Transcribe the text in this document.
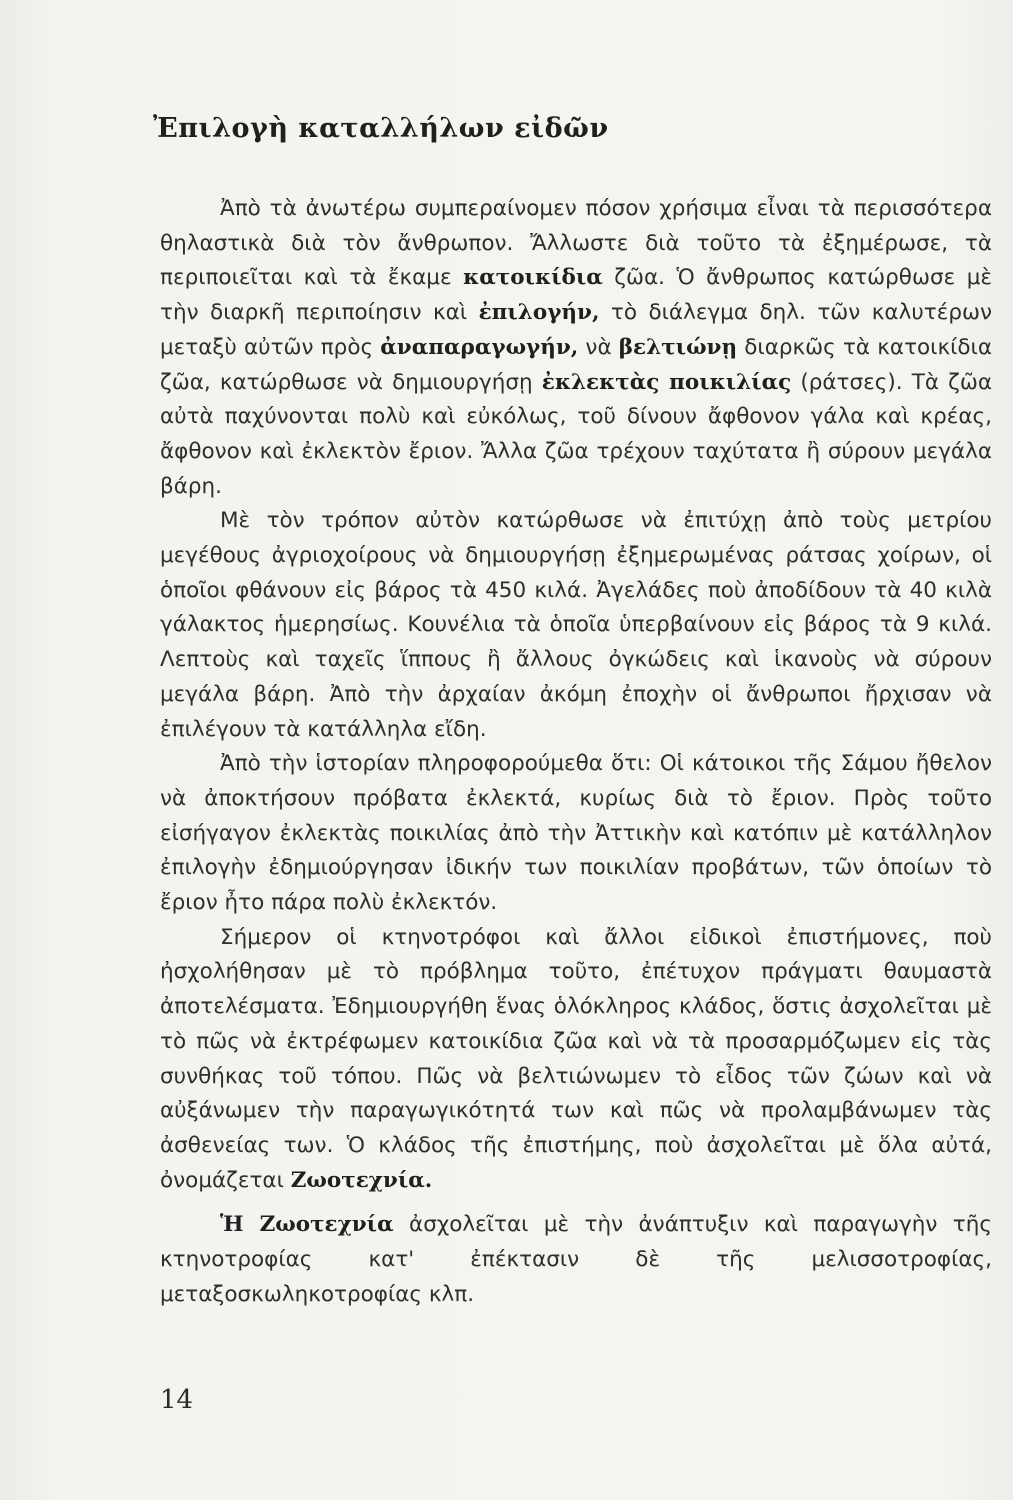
Ἐπιλογὴ καταλλήλων εἰδῶν

Ἀπὸ τὰ ἀνωτέρω συμπεραίνομεν πόσον χρήσιμα εἶναι τὰ περισσότερα θηλαστικὰ διὰ τὸν ἄνθρωπον. Ἄλλωστε διὰ τοῦτο τὰ ἐξημέρωσε, τὰ περιποιεῖται καὶ τὰ ἔκαμε κατοικίδια ζῶα. Ὁ ἄνθρωπος κατώρθωσε μὲ τὴν διαρκῆ περιποίησιν καὶ ἐπιλογήν, τὸ διάλεγμα δηλ. τῶν καλυτέρων μεταξὺ αὐτῶν πρὸς ἀναπαραγωγήν, νὰ βελτιώνῃ διαρκῶς τὰ κατοικίδια ζῶα, κατώρθωσε νὰ δημιουργήσῃ ἐκλεκτὰς ποικιλίας (ράτσες). Τὰ ζῶα αὐτὰ παχύνονται πολὺ καὶ εὐκόλως, τοῦ δίνουν ἄφθονον γάλα καὶ κρέας, ἄφθονον καὶ ἐκλεκτὸν ἔριον. Ἄλλα ζῶα τρέχουν ταχύτατα ἢ σύρουν μεγάλα βάρη.

Μὲ τὸν τρόπον αὐτὸν κατώρθωσε νὰ ἐπιτύχῃ ἀπὸ τοὺς μετρίου μεγέθους ἀγριοχοίρους νὰ δημιουργήσῃ ἐξημερωμένας ράτσας χοίρων, οἱ ὁποῖοι φθάνουν εἰς βάρος τὰ 450 κιλά. Ἀγελάδες ποὺ ἀποδίδουν τὰ 40 κιλὰ γάλακτος ἡμερησίως. Κουνέλια τὰ ὁποῖα ὑπερβαίνουν εἰς βάρος τὰ 9 κιλά. Λεπτοὺς καὶ ταχεῖς ἵππους ἢ ἄλλους ὀγκώδεις καὶ ἱκανοὺς νὰ σύρουν μεγάλα βάρη. Ἀπὸ τὴν ἀρχαίαν ἀκόμη ἐποχὴν οἱ ἄνθρωποι ἤρχισαν νὰ ἐπιλέγουν τὰ κατάλληλα εἴδη.

Ἀπὸ τὴν ἱστορίαν πληροφορούμεθα ὅτι: Οἱ κάτοικοι τῆς Σάμου ἤθελον νὰ ἀποκτήσουν πρόβατα ἐκλεκτά, κυρίως διὰ τὸ ἔριον. Πρὸς τοῦτο εἰσήγαγον ἐκλεκτὰς ποικιλίας ἀπὸ τὴν Ἀττικὴν καὶ κατόπιν μὲ κατάλληλον ἐπιλογὴν ἐδημιούργησαν ἰδικήν των ποικιλίαν προβάτων, τῶν ὁποίων τὸ ἔριον ἦτο πάρα πολὺ ἐκλεκτόν.

Σήμερον οἱ κτηνοτρόφοι καὶ ἄλλοι εἰδικοὶ ἐπιστήμονες, ποὺ ἠσχολήθησαν μὲ τὸ πρόβλημα τοῦτο, ἐπέτυχον πράγματι θαυμαστὰ ἀποτελέσματα. Ἐδημιουργήθη ἕνας ὁλόκληρος κλάδος, ὅστις ἀσχολεῖται μὲ τὸ πῶς νὰ ἐκτρέφωμεν κατοικίδια ζῶα καὶ νὰ τὰ προσαρμόζωμεν εἰς τὰς συνθήκας τοῦ τόπου. Πῶς νὰ βελτιώνωμεν τὸ εἶδος τῶν ζώων καὶ νὰ αὐξάνωμεν τὴν παραγωγικότητά των καὶ πῶς νὰ προλαμβάνωμεν τὰς ἀσθενείας των. Ὁ κλάδος τῆς ἐπιστήμης, ποὺ ἀσχολεῖται μὲ ὅλα αὐτά, ὀνομάζεται Ζωοτεχνία.

Ἡ Ζωοτεχνία ἀσχολεῖται μὲ τὴν ἀνάπτυξιν καὶ παραγωγὴν τῆς κτηνοτροφίας κατ' ἐπέκτασιν δὲ τῆς μελισσοτροφίας, μεταξοσκωληκοτροφίας κλπ.

14
